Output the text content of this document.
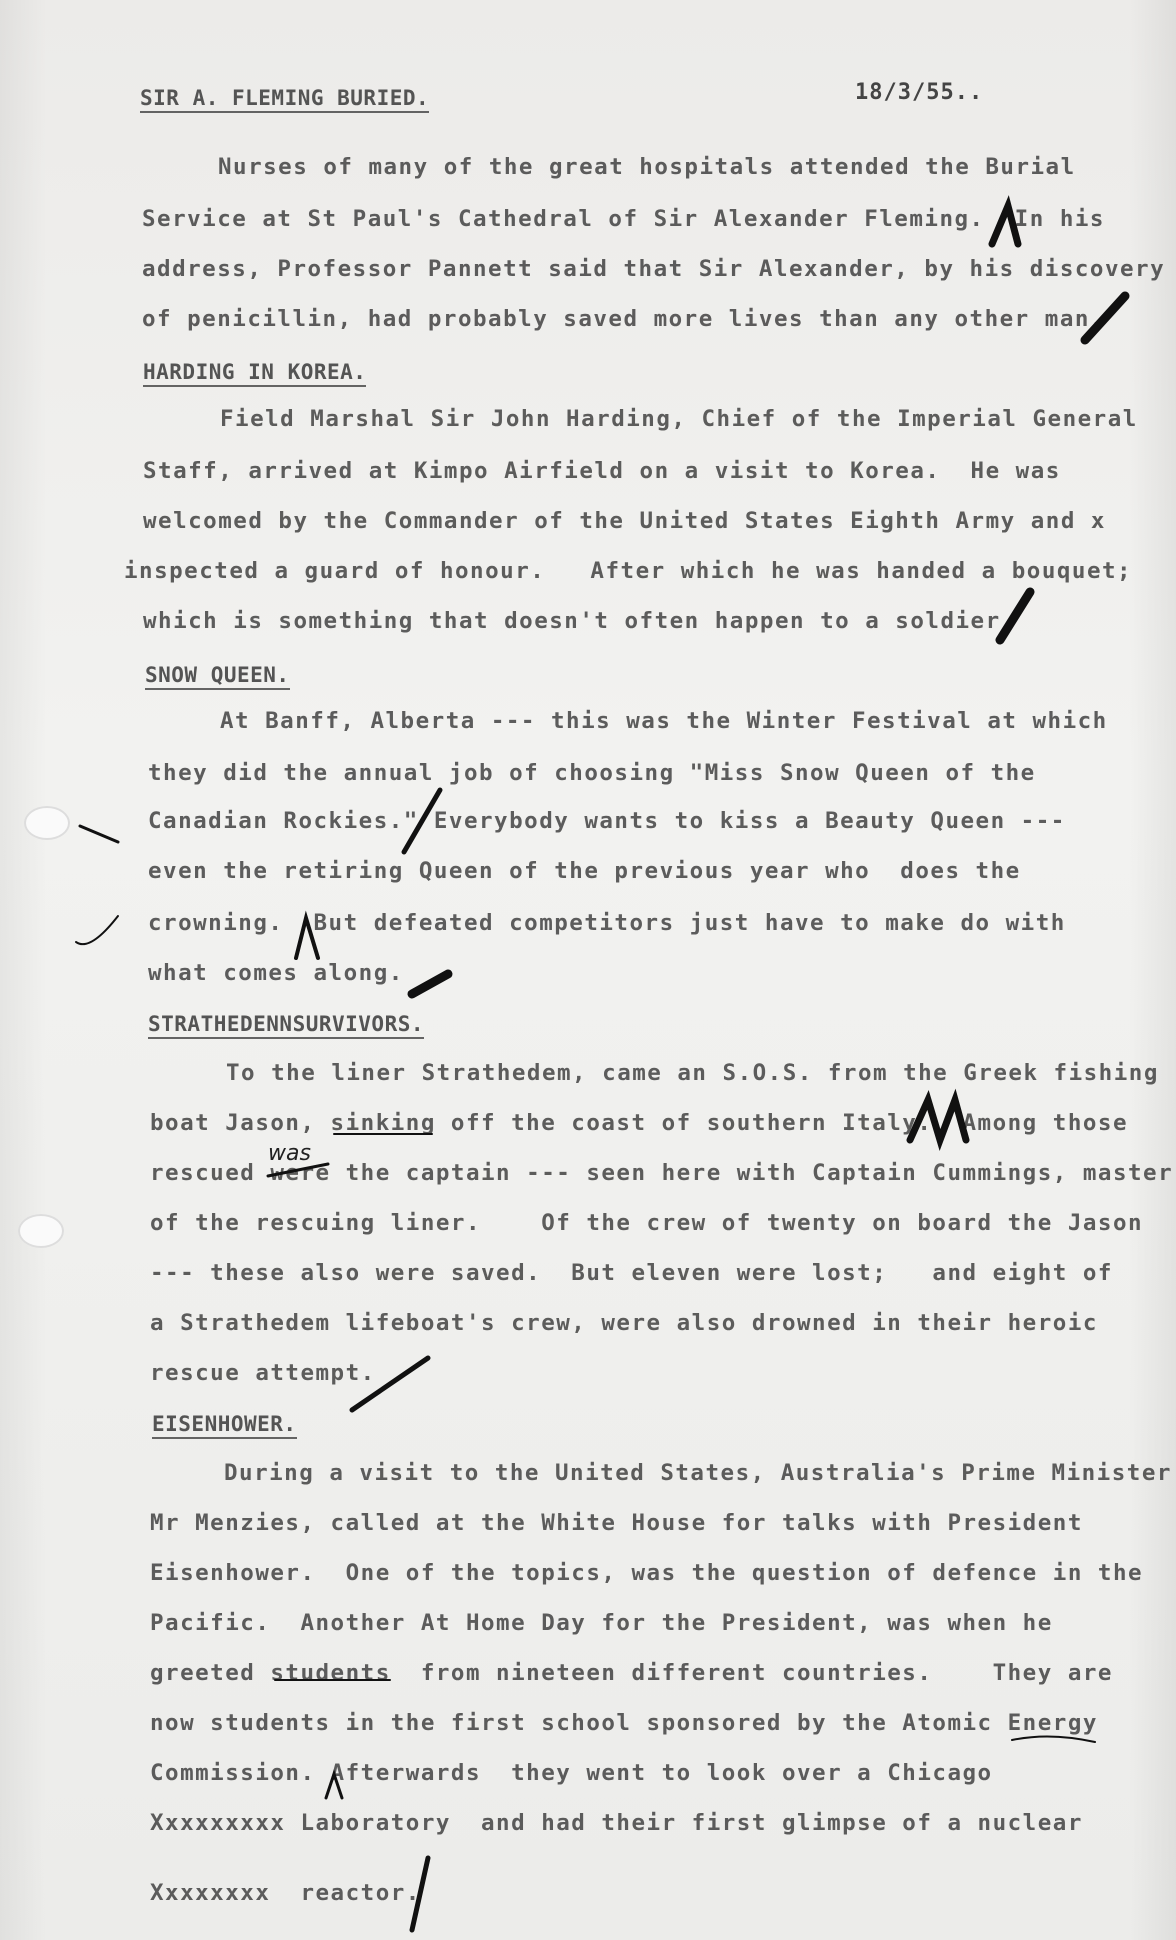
18/3/55..
SIR A. FLEMING BURIED.
Nurses of many of the great hospitals attended the Burial
Service at St Paul's Cathedral of Sir Alexander Fleming.  In his
address, Professor Pannett said that Sir Alexander, by his discovery
of penicillin, had probably saved more lives than any other man.
HARDING IN KOREA.
Field Marshal Sir John Harding, Chief of the Imperial General
Staff, arrived at Kimpo Airfield on a visit to Korea.  He was
welcomed by the Commander of the United States Eighth Army and x
inspected a guard of honour.   After which he was handed a bouquet;
which is something that doesn't often happen to a soldier.
SNOW QUEEN.
At Banff, Alberta --- this was the Winter Festival at which
they did the annual job of choosing "Miss Snow Queen of the
Canadian Rockies." Everybody wants to kiss a Beauty Queen ---
even the retiring Queen of the previous year who  does the
crowning.  But defeated competitors just have to make do with
what comes along.
STRATHEDENNSURVIVORS.
To the liner Strathedem, came an S.O.S. from the Greek fishing
boat Jason, sinking off the coast of southern Italy.  Among those
rescued were the captain --- seen here with Captain Cummings, master
of the rescuing liner.    Of the crew of twenty on board the Jason
--- these also were saved.  But eleven were lost;   and eight of
a Strathedem lifeboat's crew, were also drowned in their heroic
rescue attempt.
EISENHOWER.
During a visit to the United States, Australia's Prime Minister
Mr Menzies, called at the White House for talks with President
Eisenhower.  One of the topics, was the question of defence in the
Pacific.  Another At Home Day for the President, was when he
greeted students  from nineteen different countries.    They are
now students in the first school sponsored by the Atomic Energy
Commission. Afterwards  they went to look over a Chicago
Xxxxxxxxx Laboratory  and had their first glimpse of a nuclear
Xxxxxxxx  reactor.
was
